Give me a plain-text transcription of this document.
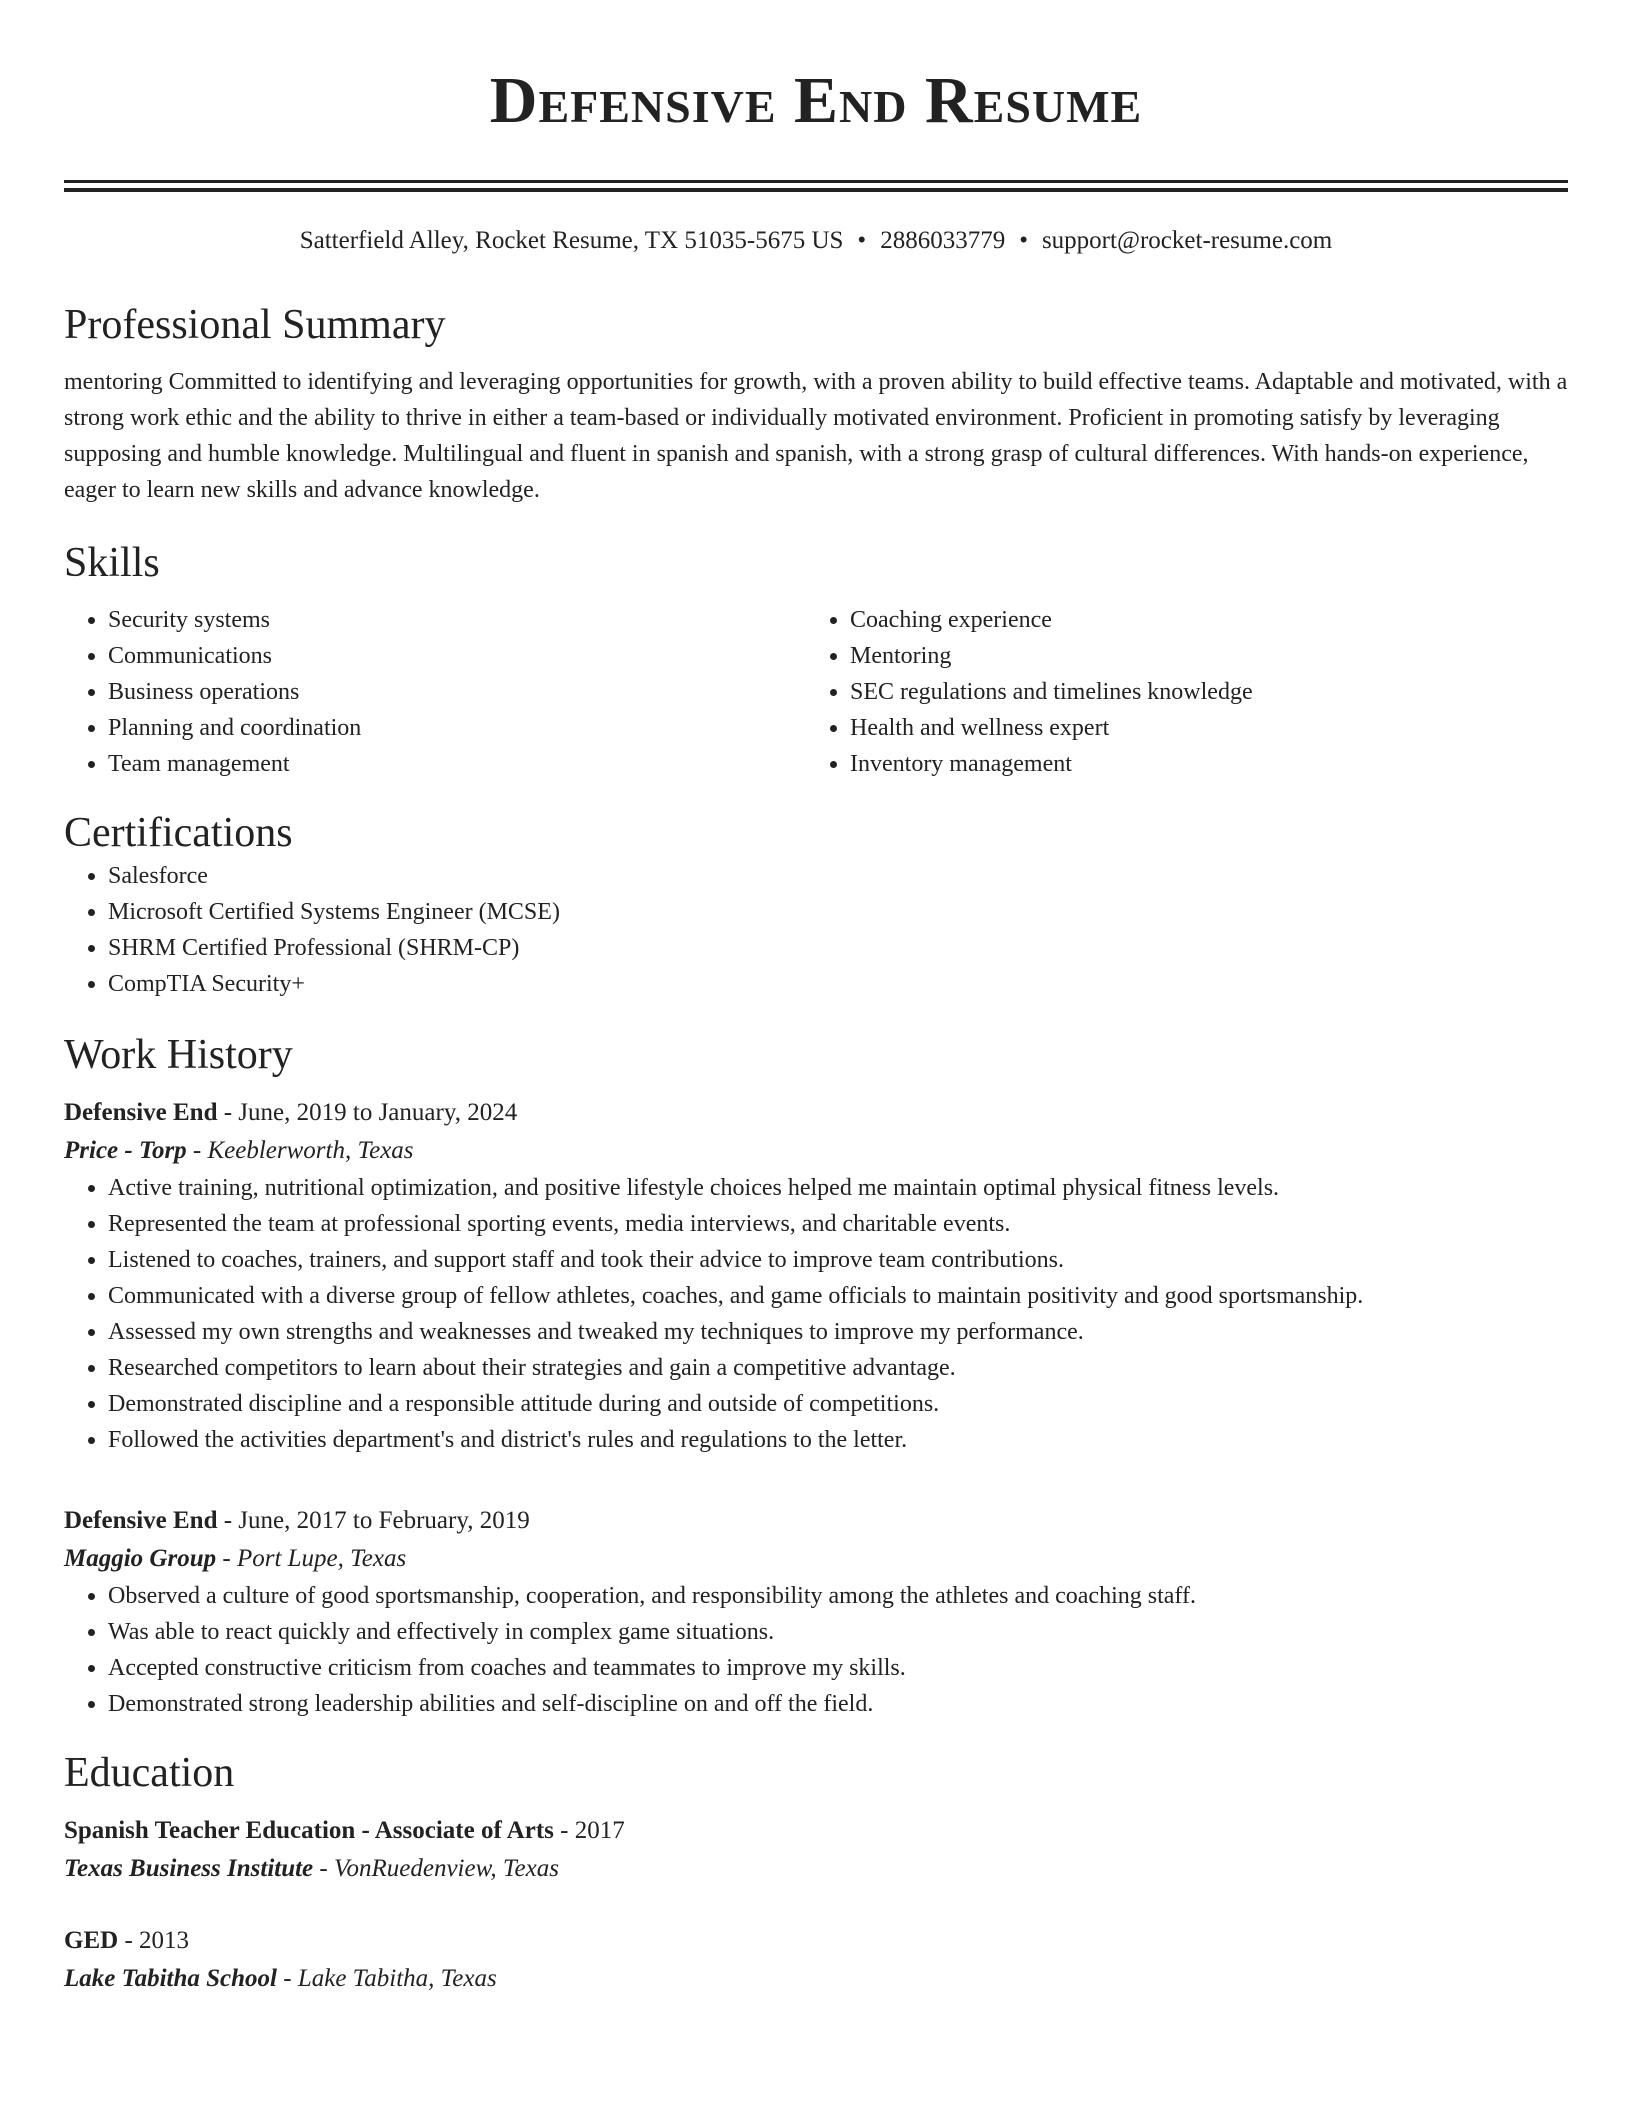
Defensive End Resume
Satterfield Alley, Rocket Resume, TX 51035-5675 US • 2886033779 • support@rocket-resume.com
Professional Summary
mentoring Committed to identifying and leveraging opportunities for growth, with a proven ability to build effective teams. Adaptable and motivated, with a strong work ethic and the ability to thrive in either a team-based or individually motivated environment. Proficient in promoting satisfy by leveraging supposing and humble knowledge. Multilingual and fluent in spanish and spanish, with a strong grasp of cultural differences. With hands-on experience, eager to learn new skills and advance knowledge.
Skills
• Security systems
• Communications
• Business operations
• Planning and coordination
• Team management
• Coaching experience
• Mentoring
• SEC regulations and timelines knowledge
• Health and wellness expert
• Inventory management
Certifications
• Salesforce
• Microsoft Certified Systems Engineer (MCSE)
• SHRM Certified Professional (SHRM-CP)
• CompTIA Security+
Work History
Defensive End - June, 2019 to January, 2024
Price - Torp - Keeblerworth, Texas
• Active training, nutritional optimization, and positive lifestyle choices helped me maintain optimal physical fitness levels.
• Represented the team at professional sporting events, media interviews, and charitable events.
• Listened to coaches, trainers, and support staff and took their advice to improve team contributions.
• Communicated with a diverse group of fellow athletes, coaches, and game officials to maintain positivity and good sportsmanship.
• Assessed my own strengths and weaknesses and tweaked my techniques to improve my performance.
• Researched competitors to learn about their strategies and gain a competitive advantage.
• Demonstrated discipline and a responsible attitude during and outside of competitions.
• Followed the activities department's and district's rules and regulations to the letter.
Defensive End - June, 2017 to February, 2019
Maggio Group - Port Lupe, Texas
• Observed a culture of good sportsmanship, cooperation, and responsibility among the athletes and coaching staff.
• Was able to react quickly and effectively in complex game situations.
• Accepted constructive criticism from coaches and teammates to improve my skills.
• Demonstrated strong leadership abilities and self-discipline on and off the field.
Education
Spanish Teacher Education - Associate of Arts - 2017
Texas Business Institute - VonRuedenview, Texas
GED - 2013
Lake Tabitha School - Lake Tabitha, Texas
